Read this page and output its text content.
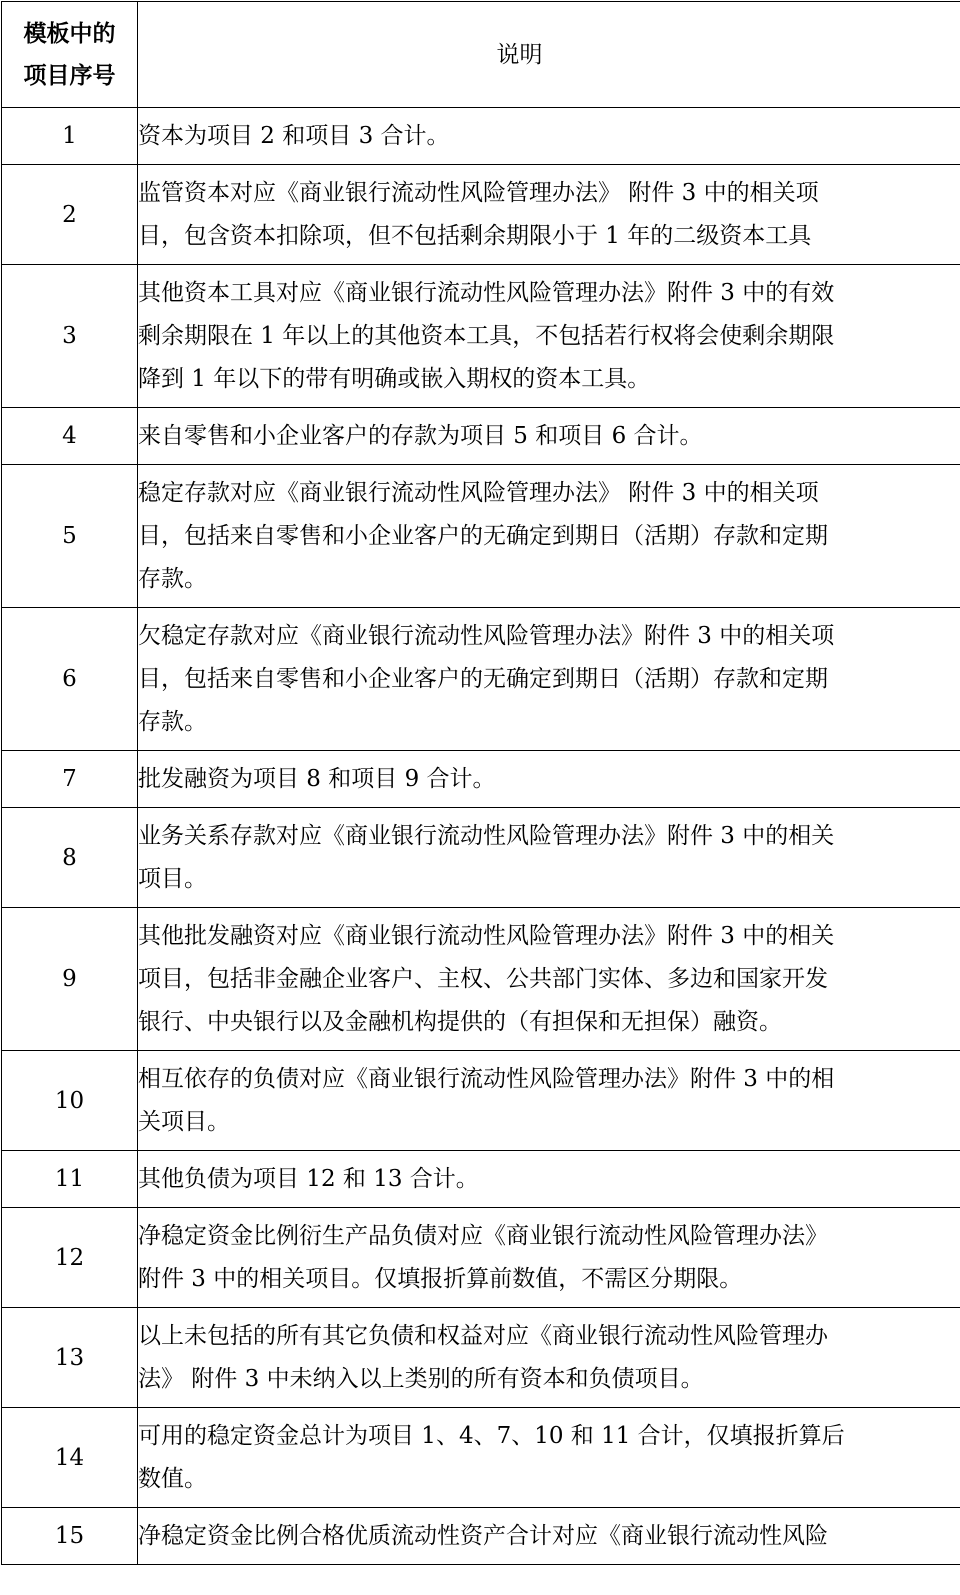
模板中的
项目序号	说明
1	资本为项目 2 和项目 3 合计。

2	监管资本对应《商业银行流动性风险管理办法》 附件 3 中的相关项
目，包含资本扣除项，但不包括剩余期限小于 1 年的二级资本工具

3	其他资本工具对应《商业银行流动性风险管理办法》附件 3 中的有效
剩余期限在 1 年以上的其他资本工具，不包括若行权将会使剩余期限
降到 1 年以下的带有明确或嵌入期权的资本工具。

4	来自零售和小企业客户的存款为项目 5 和项目 6 合计。

5	稳定存款对应《商业银行流动性风险管理办法》 附件 3 中的相关项
目，包括来自零售和小企业客户的无确定到期日（活期）存款和定期
存款。

6	欠稳定存款对应《商业银行流动性风险管理办法》附件 3 中的相关项
目，包括来自零售和小企业客户的无确定到期日（活期）存款和定期
存款。

7	批发融资为项目 8 和项目 9 合计。

8	业务关系存款对应《商业银行流动性风险管理办法》附件 3 中的相关
项目。

9	其他批发融资对应《商业银行流动性风险管理办法》附件 3 中的相关
项目，包括非金融企业客户、主权、公共部门实体、多边和国家开发
银行、中央银行以及金融机构提供的（有担保和无担保）融资。

10	相互依存的负债对应《商业银行流动性风险管理办法》附件 3 中的相
关项目。

11	其他负债为项目 12 和 13 合计。

12	净稳定资金比例衍生产品负债对应《商业银行流动性风险管理办法》
附件 3 中的相关项目。仅填报折算前数值，不需区分期限。

13	以上未包括的所有其它负债和权益对应《商业银行流动性风险管理办
法》 附件 3 中未纳入以上类别的所有资本和负债项目。

14	可用的稳定资金总计为项目 1、4、7、10 和 11 合计，仅填报折算后
数值。

15	净稳定资金比例合格优质流动性资产合计对应《商业银行流动性风险
